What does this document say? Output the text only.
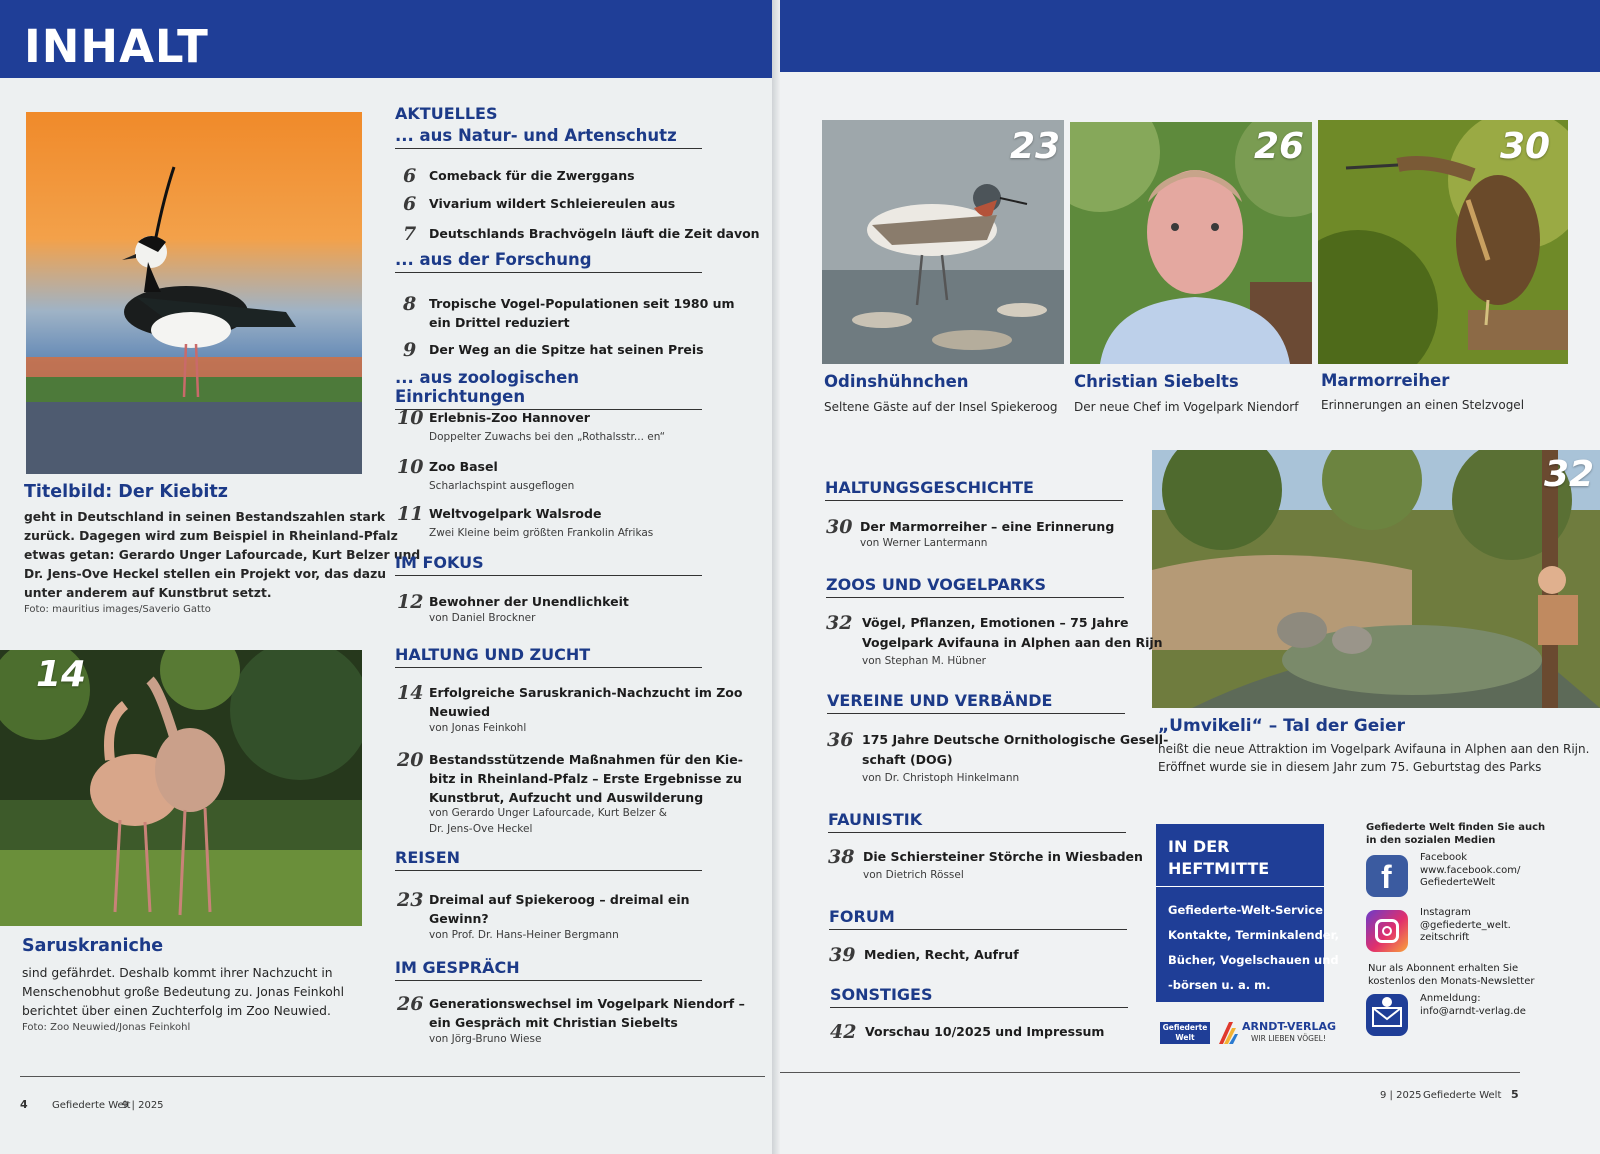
INHALT
Titelbild: Der Kiebitz
geht in Deutschland in seinen Bestandszahlen stark
zurück. Dagegen wird zum Beispiel in Rheinland-Pfalz
etwas getan: Gerardo Unger Lafourcade, Kurt Belzer und
Dr. Jens-Ove Heckel stellen ein Projekt vor, das dazu
unter anderem auf Kunstbrut setzt.
Foto: mauritius images/Saverio Gatto
14
Saruskraniche
sind gefährdet. Deshalb kommt ihrer Nachzucht in
Menschenobhut große Bedeutung zu. Jonas Feinkohl
berichtet über einen Zuchterfolg im Zoo Neuwied.
Foto: Zoo Neuwied/Jonas Feinkohl
AKTUELLES
... aus Natur- und Artenschutz
6 Comeback für die Zwerggans
6 Vivarium wildert Schleiereulen aus
7 Deutschlands Brachvögeln läuft die Zeit davon
... aus der Forschung
8 Tropische Vogel-Populationen seit 1980 um
ein Drittel reduziert
9 Der Weg an die Spitze hat seinen Preis
... aus zoologischen Einrichtungen
10 Erlebnis-Zoo Hannover
Doppelter Zuwachs bei den „Rothalsstr... en“
10 Zoo Basel
Scharlachspint ausgeflogen
11 Weltvogelpark Walsrode
Zwei Kleine beim größten Frankolin Afrikas
IM FOKUS
12 Bewohner der Unendlichkeit
von Daniel Brockner
HALTUNG UND ZUCHT
14 Erfolgreiche Saruskranich-Nachzucht im Zoo
Neuwied
von Jonas Feinkohl
20 Bestandsstützende Maßnahmen für den Kie-
bitz in Rheinland-Pfalz – Erste Ergebnisse zu
Kunstbrut, Aufzucht und Auswilderung
von Gerardo Unger Lafourcade, Kurt Belzer &
Dr. Jens-Ove Heckel
REISEN
23 Dreimal auf Spiekeroog – dreimal ein
Gewinn?
von Prof. Dr. Hans-Heiner Bergmann
IM GESPRÄCH
26 Generationswechsel im Vogelpark Niendorf –
ein Gespräch mit Christian Siebelts
von Jörg-Bruno Wiese
4 Gefiederte Welt
9 | 2025
23	26	30
Odinshühnchen
Seltene Gäste auf der Insel Spiekeroog
Christian Siebelts
Der neue Chef im Vogelpark Niendorf
Marmorreiher
Erinnerungen an einen Stelzvogel
32
„Umvikeli“ – Tal der Geier
heißt die neue Attraktion im Vogelpark Avifauna in Alphen aan den Rijn.
Eröffnet wurde sie in diesem Jahr zum 75. Geburtstag des Parks
HALTUNGSGESCHICHTE
30 Der Marmorreiher – eine Erinnerung
von Werner Lantermann
ZOOS UND VOGELPARKS
32 Vögel, Pflanzen, Emotionen – 75 Jahre
Vogelpark Avifauna in Alphen aan den Rijn
von Stephan M. Hübner
VEREINE UND VERBÄNDE
36 175 Jahre Deutsche Ornithologische Gesell-
schaft (DOG)
von Dr. Christoph Hinkelmann
FAUNISTIK
38 Die Schiersteiner Störche in Wiesbaden
von Dietrich Rössel
FORUM
39 Medien, Recht, Aufruf
SONSTIGES
42 Vorschau 10/2025 und Impressum
IN DER
HEFTMITTE
Gefiederte-Welt-Service
Kontakte, Terminkalender,
Bücher, Vogelschauen und
-börsen u. a. m.
Gefiederte
Welt
ARNDT-VERLAG
WIR LIEBEN VÖGEL!
Gefiederte Welt finden Sie auch
in den sozialen Medien
f
Facebook
www.facebook.com/
GefiederteWelt
Instagram
@gefiederte_welt.
zeitschrift
Nur als Abonnent erhalten Sie
kostenlos den Monats-Newsletter
Anmeldung:
info@arndt-verlag.de
9 | 2025 Gefiederte Welt 5
